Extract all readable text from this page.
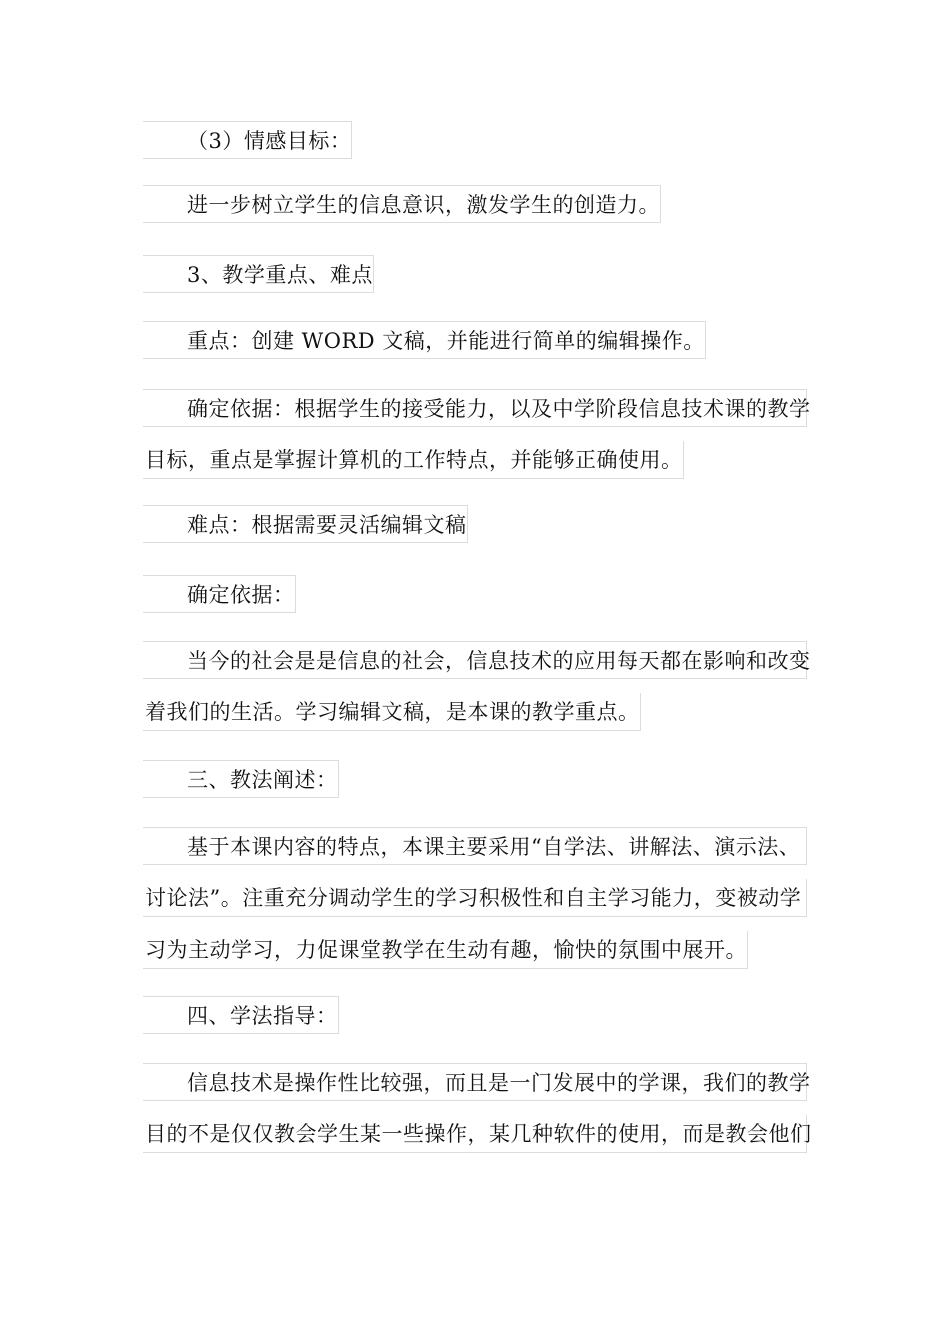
（3）情感目标：
进一步树立学生的信息意识，激发学生的创造力。
3、教学重点、难点
重点：创建 WORD 文稿，并能进行简单的编辑操作。
确定依据：根据学生的接受能力，以及中学阶段信息技术课的教学
目标，重点是掌握计算机的工作特点，并能够正确使用。
难点：根据需要灵活编辑文稿
确定依据：
当今的社会是是信息的社会，信息技术的应用每天都在影响和改变
着我们的生活。学习编辑文稿，是本课的教学重点。
三、教法阐述：
基于本课内容的特点，本课主要采用“自学法、讲解法、演示法、
讨论法”。注重充分调动学生的学习积极性和自主学习能力，变被动学
习为主动学习，力促课堂教学在生动有趣，愉快的氛围中展开。
四、学法指导：
信息技术是操作性比较强，而且是一门发展中的学课，我们的教学
目的不是仅仅教会学生某一些操作，某几种软件的使用，而是教会他们
